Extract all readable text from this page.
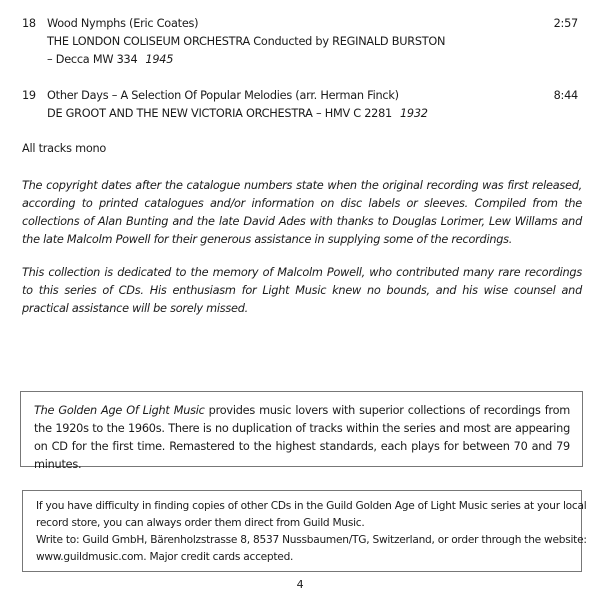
18 Wood Nymphs (Eric Coates)	2:57
THE LONDON COLISEUM ORCHESTRA Conducted by REGINALD BURSTON
– Decca MW 334 1945
19 Other Days – A Selection Of Popular Melodies (arr. Herman Finck)	8:44
DE GROOT AND THE NEW VICTORIA ORCHESTRA – HMV C 2281 1932
All tracks mono
The copyright dates after the catalogue numbers state when the original recording was first released, according to printed catalogues and/or information on disc labels or sleeves. Compiled from the collections of Alan Bunting and the late David Ades with thanks to Douglas Lorimer, Lew Willams and the late Malcolm Powell for their generous assistance in supplying some of the recordings.
This collection is dedicated to the memory of Malcolm Powell, who contributed many rare recordings to this series of CDs. His enthusiasm for Light Music knew no bounds, and his wise counsel and practical assistance will be sorely missed.
The Golden Age Of Light Music provides music lovers with superior collections of recordings from the 1920s to the 1960s. There is no duplication of tracks within the series and most are appearing on CD for the first time. Remastered to the highest standards, each plays for between 70 and 79 minutes.
If you have difficulty in finding copies of other CDs in the Guild Golden Age of Light Music series at your local
record store, you can always order them direct from Guild Music.
Write to: Guild GmbH, Bärenholzstrasse 8, 8537 Nussbaumen/TG, Switzerland, or order through the website:
www.guildmusic.com. Major credit cards accepted.
4
